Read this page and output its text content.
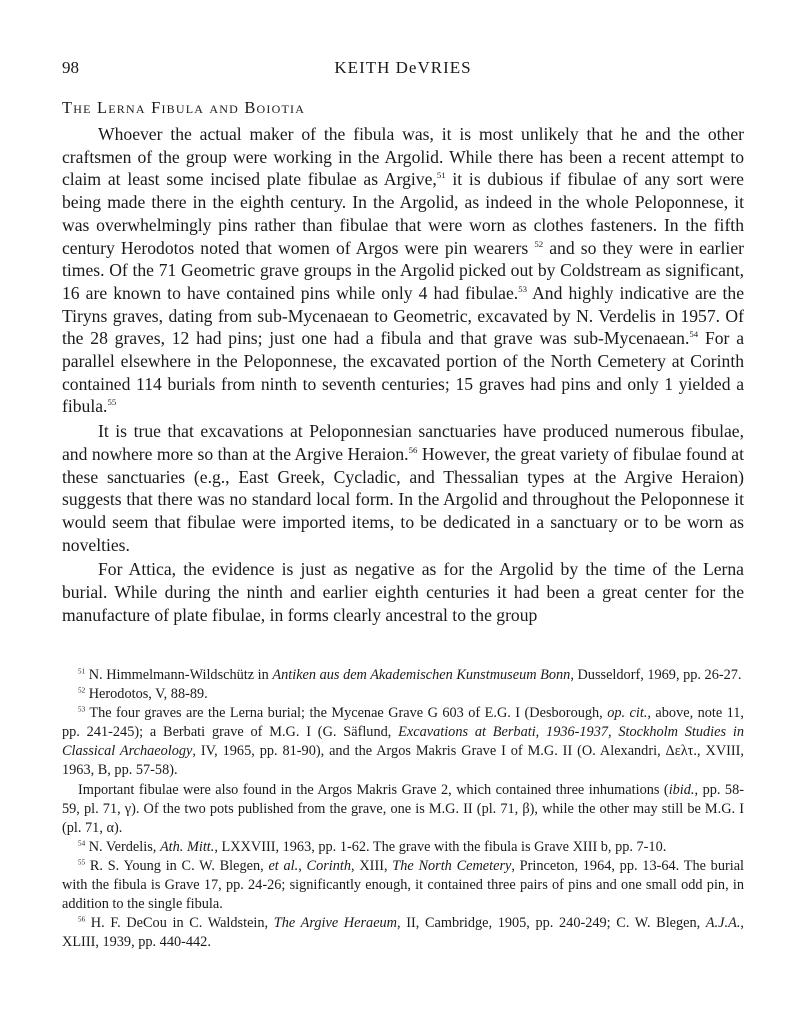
98	KEITH DeVRIES
The Lerna Fibula and Boiotia

Whoever the actual maker of the fibula was, it is most unlikely that he and the other craftsmen of the group were working in the Argolid. While there has been a recent attempt to claim at least some incised plate fibulae as Argive,$^{51}$ it is dubious if fibulae of any sort were being made there in the eighth century. In the Argolid, as indeed in the whole Peloponnese, it was overwhelmingly pins rather than fibulae that were worn as clothes fasteners. In the fifth century Herodotos noted that women of Argos were pin wearers $^{52}$ and so they were in earlier times. Of the 71 Geometric grave groups in the Argolid picked out by Coldstream as significant, 16 are known to have contained pins while only 4 had fibulae.$^{53}$ And highly indicative are the Tiryns graves, dating from sub-Mycenaean to Geometric, excavated by N. Verdelis in 1957. Of the 28 graves, 12 had pins; just one had a fibula and that grave was sub-Mycenaean.$^{54}$ For a parallel elsewhere in the Peloponnese, the excavated portion of the North Cemetery at Corinth contained 114 burials from ninth to seventh centuries; 15 graves had pins and only 1 yielded a fibula.$^{55}$

It is true that excavations at Peloponnesian sanctuaries have produced numerous fibulae, and nowhere more so than at the Argive Heraion.$^{56}$ However, the great variety of fibulae found at these sanctuaries (e.g., East Greek, Cycladic, and Thessalian types at the Argive Heraion) suggests that there was no standard local form. In the Argolid and throughout the Peloponnese it would seem that fibulae were imported items, to be dedicated in a sanctuary or to be worn as novelties.

For Attica, the evidence is just as negative as for the Argolid by the time of the Lerna burial. While during the ninth and earlier eighth centuries it had been a great center for the manufacture of plate fibulae, in forms clearly ancestral to the group

$^{51}$ N. Himmelmann-Wildschütz in Antiken aus dem Akademischen Kunstmuseum Bonn, Dusseldorf, 1969, pp. 26-27.

$^{52}$ Herodotos, V, 88-89.

$^{53}$ The four graves are the Lerna burial; the Mycenae Grave G 603 of E.G. I (Desborough, op. cit., above, note 11, pp. 241-245); a Berbati grave of M.G. I (G. Säflund, Excavations at Berbati, 1936-1937, Stockholm Studies in Classical Archaeology, IV, 1965, pp. 81-90), and the Argos Makris Grave I of M.G. II (O. Alexandri, Δελτ., XVIII, 1963, B, pp. 57-58).

Important fibulae were also found in the Argos Makris Grave 2, which contained three inhumations (ibid., pp. 58-59, pl. 71, γ). Of the two pots published from the grave, one is M.G. II (pl. 71, β), while the other may still be M.G. I (pl. 71, α).

$^{54}$ N. Verdelis, Ath. Mitt., LXXVIII, 1963, pp. 1-62. The grave with the fibula is Grave XIII b, pp. 7-10.

$^{55}$ R. S. Young in C. W. Blegen, et al., Corinth, XIII, The North Cemetery, Princeton, 1964, pp. 13-64. The burial with the fibula is Grave 17, pp. 24-26; significantly enough, it contained three pairs of pins and one small odd pin, in addition to the single fibula.

$^{56}$ H. F. DeCou in C. Waldstein, The Argive Heraeum, II, Cambridge, 1905, pp. 240-249; C. W. Blegen, A.J.A., XLIII, 1939, pp. 440-442.
